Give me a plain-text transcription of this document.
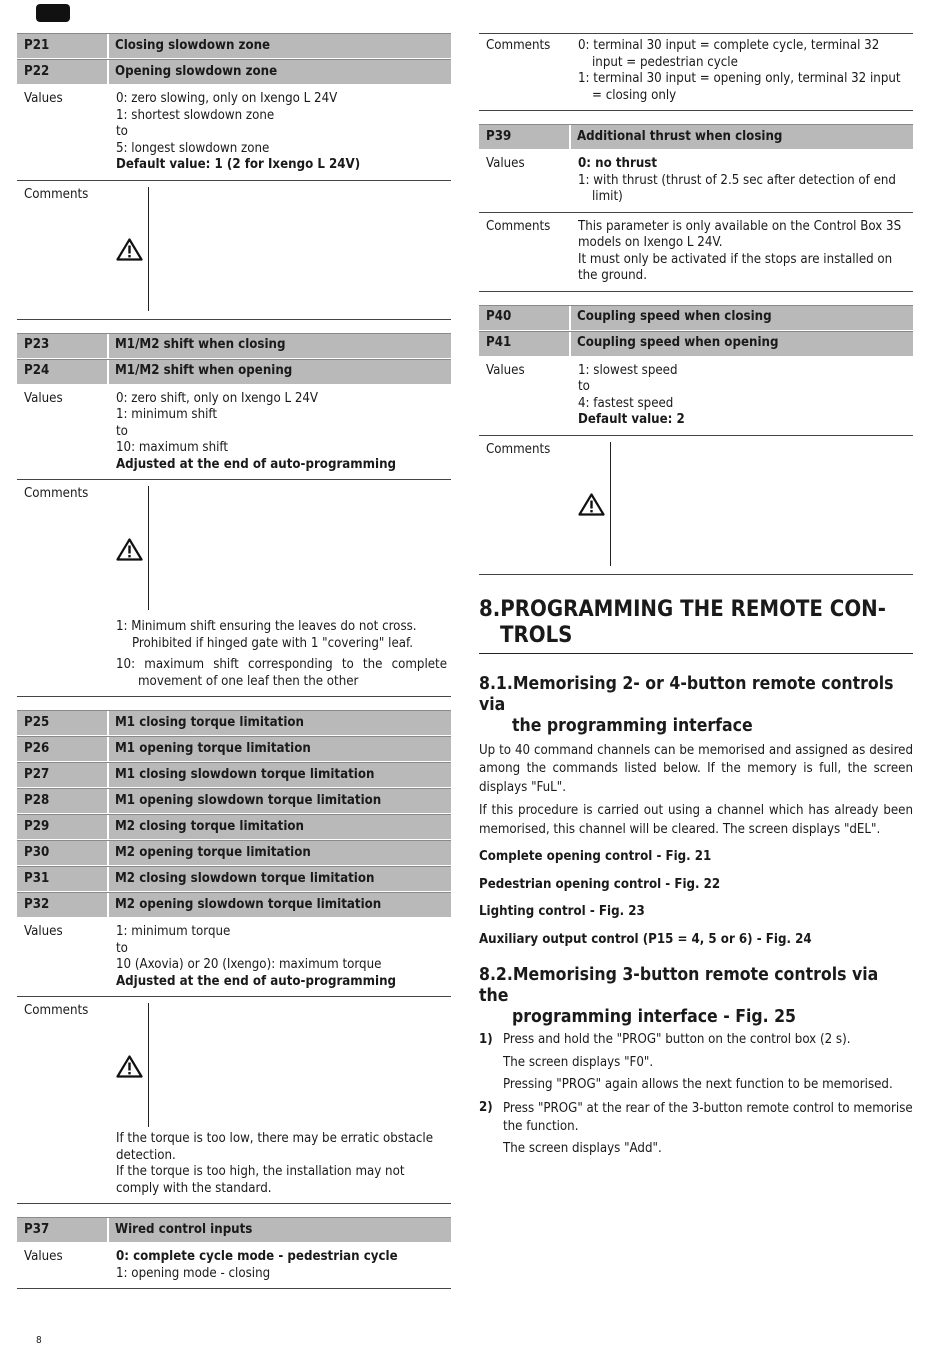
P21	Closing slowdown zone
P22	Opening slowdown zone
Values	0: zero slowing, only on Ixengo L 24V
1: shortest slowdown zone
to
5: longest slowdown zone
Default value: 1 (2 for Ixengo L 24V)
Comments
P23	M1/M2 shift when closing
P24	M1/M2 shift when opening
Values	0: zero shift, only on Ixengo L 24V
1: minimum shift
to
10: maximum shift
Adjusted at the end of auto-programming
Comments
1: Minimum shift ensuring the leaves do not cross. Prohibited if hinged gate with 1 "covering" leaf.
10: maximum shift corresponding to the complete movement of one leaf then the other
P25	M1 closing torque limitation
P26	M1 opening torque limitation
P27	M1 closing slowdown torque limitation
P28	M1 opening slowdown torque limitation
P29	M2 closing torque limitation
P30	M2 opening torque limitation
P31	M2 closing slowdown torque limitation
P32	M2 opening slowdown torque limitation
Values	1: minimum torque
to
10 (Axovia) or 20 (Ixengo): maximum torque
Adjusted at the end of auto-programming
Comments
If the torque is too low, there may be erratic obstacle detection.
If the torque is too high, the installation may not comply with the standard.
P37	Wired control inputs
Values	0: complete cycle mode - pedestrian cycle
1: opening mode - closing
Comments	0: terminal 30 input = complete cycle, terminal 32 input = pedestrian cycle
1: terminal 30 input = opening only, terminal 32 input = closing only
P39	Additional thrust when closing
Values	0: no thrust
1: with thrust (thrust of 2.5 sec after detection of end limit)
Comments	This parameter is only available on the Control Box 3S models on Ixengo L 24V.
It must only be activated if the stops are installed on the ground.
P40	Coupling speed when closing
P41	Coupling speed when opening
Values	1: slowest speed
to
4: fastest speed
Default value: 2
Comments
8.PROGRAMMING THE REMOTE CON-
TROLS
8.1.Memorising 2- or 4-button remote controls via
the programming interface

Up to 40 command channels can be memorised and assigned as desired among the commands listed below. If the memory is full, the screen displays "FuL".

If this procedure is carried out using a channel which has already been memorised, this channel will be cleared. The screen displays "dEL".

Complete opening control - Fig. 21

Pedestrian opening control - Fig. 22

Lighting control - Fig. 23

Auxiliary output control (P15 = 4, 5 or 6) - Fig. 24

8.2.Memorising 3-button remote controls via the
programming interface - Fig. 25
1) Press and hold the "PROG" button on the control box (2 s).
The screen displays "F0".
Pressing "PROG" again allows the next function to be memorised.
2) Press "PROG" at the rear of the 3-button remote control to memorise the function.
The screen displays "Add".
8
